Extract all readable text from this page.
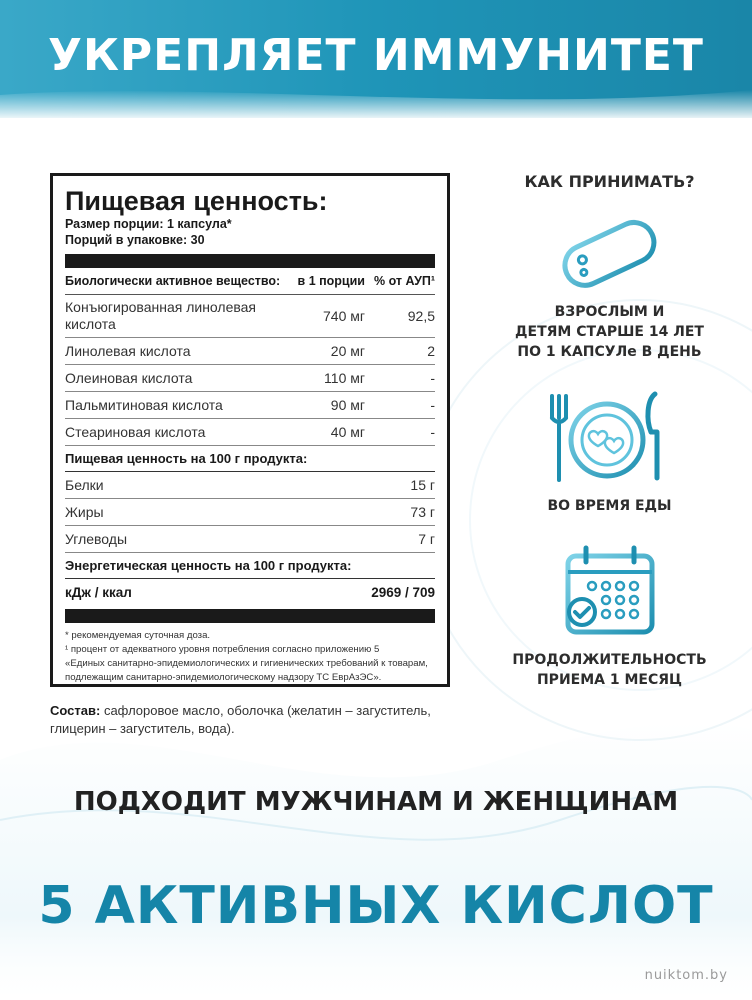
УКРЕПЛЯЕТ ИММУНИТЕТ
Пищевая ценность:
Размер порции: 1 капсула*
Порций в упаковке: 30
Биологически активное вещество:	в 1 порции % от АУП¹
Конъюгированная линолевая кислота
740 мг	92,5
Линолевая кислота	20 мг	2
Олеиновая кислота	110 мг	-
Пальмитиновая кислота	90 мг	-
Стеариновая кислота	40 мг	-
Пищевая ценность на 100 г продукта:
Белки	15 г
Жиры	73 г
Углеводы	7 г
Энергетическая ценность на 100 г продукта:
кДж / ккал	2969 / 709
* рекомендуемая суточная доза.
¹ процент от адекватного уровня потребления согласно приложению 5
«Единых санитарно-эпидемиологических и гигиенических требований к товарам,
подлежащим санитарно-эпидемиологическому надзору ТС ЕврАзЭС».
Состав: сафлоровое масло, оболочка (желатин – загуститель, глицерин – загуститель, вода).
КАК ПРИНИМАТЬ?
ВЗРОСЛЫМ И
ДЕТЯМ СТАРШЕ 14 ЛЕТ
ПО 1 КАПСУЛе В ДЕНЬ
ВО ВРЕМЯ ЕДЫ
ПРОДОЛЖИТЕЛЬНОСТЬ
ПРИЕМА 1 МЕСЯЦ
ПОДХОДИТ МУЖЧИНАМ И ЖЕНЩИНАМ
5 АКТИВНЫХ КИСЛОТ
nuiktom.by
